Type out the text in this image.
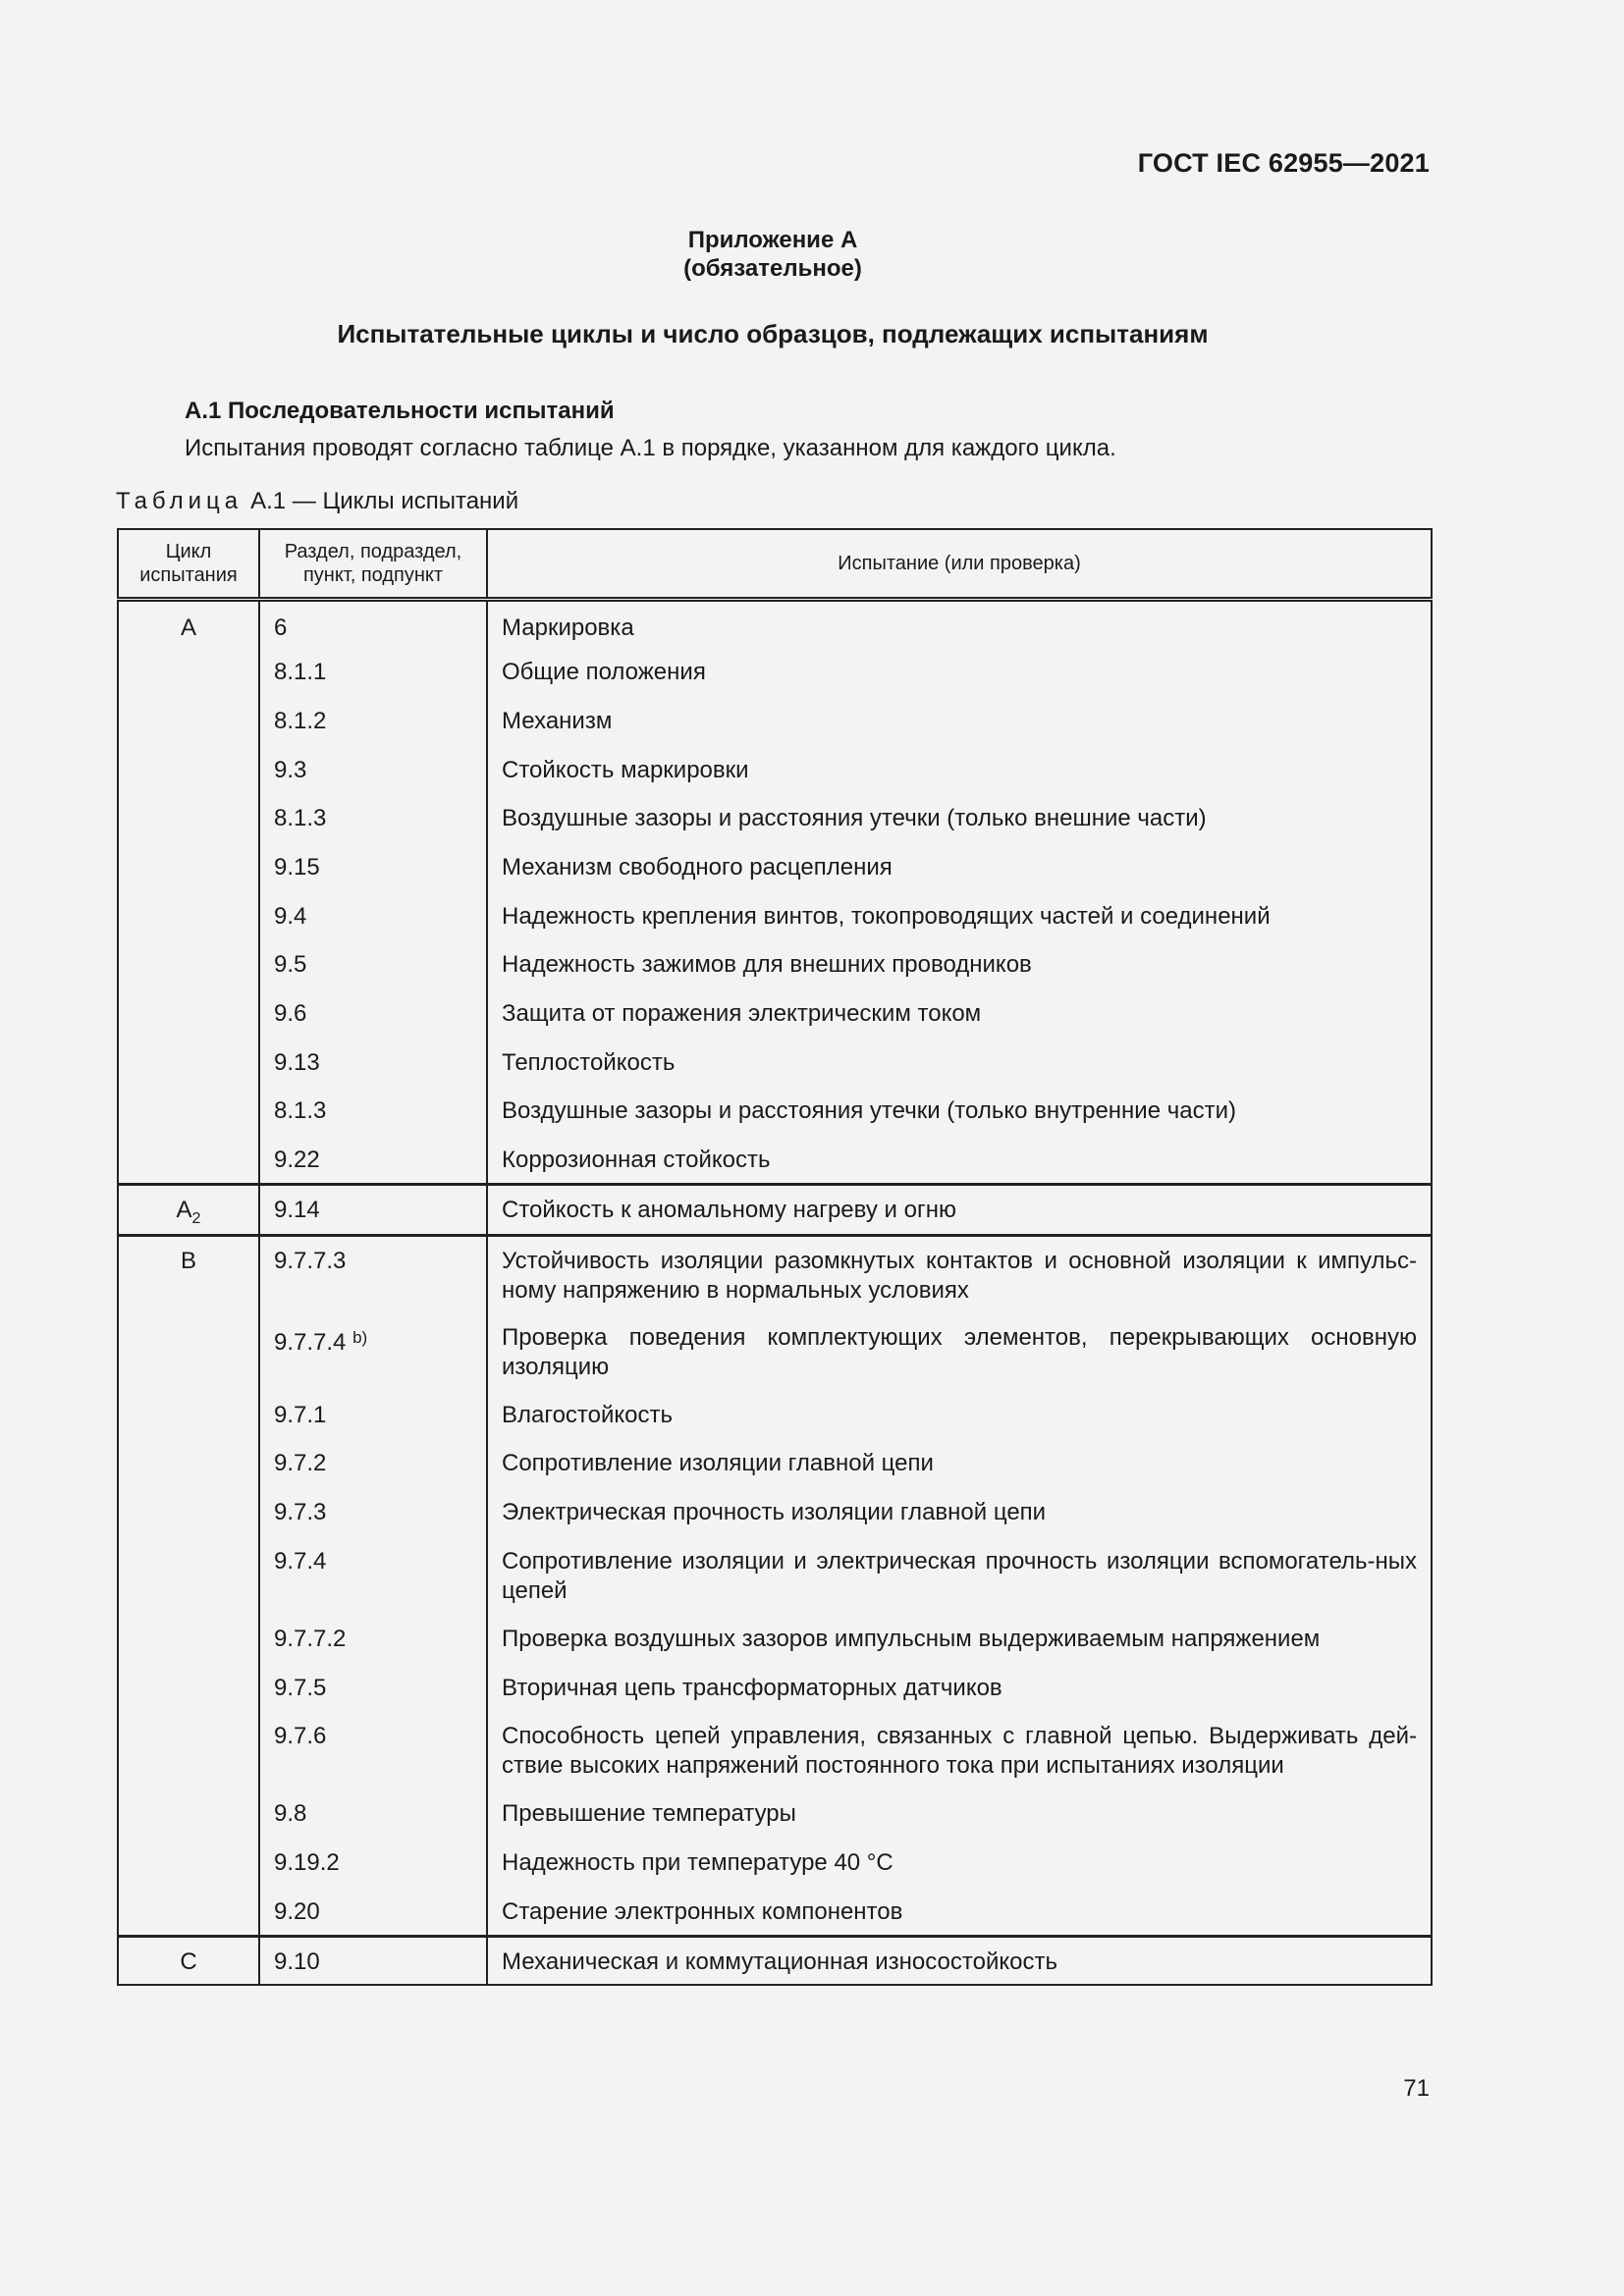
ГОСТ IEC 62955—2021
Приложение А
(обязательное)
Испытательные циклы и число образцов, подлежащих испытаниям
А.1 Последовательности испытаний
Испытания проводят согласно таблице А.1 в порядке, указанном для каждого цикла.
Таблица А.1 — Циклы испытаний
Цикл испытания	Раздел, подраздел, пункт, подпункт	Испытание (или проверка)
А	6	Маркировка
	8.1.1	Общие положения
	8.1.2	Механизм
	9.3	Стойкость маркировки
	8.1.3	Воздушные зазоры и расстояния утечки (только внешние части)
	9.15	Механизм свободного расцепления
	9.4	Надежность крепления винтов, токопроводящих частей и соединений
	9.5	Надежность зажимов для внешних проводников
	9.6	Защита от поражения электрическим током
	9.13	Теплостойкость
	8.1.3	Воздушные зазоры и расстояния утечки (только внутренние части)
	9.22	Коррозионная стойкость
$A_2$	9.14	Стойкость к аномальному нагреву и огню
В	9.7.7.3	Устойчивость изоляции разомкнутых контактов и основной изоляции к импульс-ному напряжению в нормальных условиях
	9.7.7.4 $^{b)}$	Проверка поведения комплектующих элементов, перекрывающих основную изоляцию
	9.7.1	Влагостойкость
	9.7.2	Сопротивление изоляции главной цепи
	9.7.3	Электрическая прочность изоляции главной цепи
	9.7.4	Сопротивление изоляции и электрическая прочность изоляции вспомогатель-ных цепей
	9.7.7.2	Проверка воздушных зазоров импульсным выдерживаемым напряжением
	9.7.5	Вторичная цепь трансформаторных датчиков
	9.7.6	Способность цепей управления, связанных с главной цепью. Выдерживать дей-ствие высоких напряжений постоянного тока при испытаниях изоляции
	9.8	Превышение температуры
	9.19.2	Надежность при температуре 40 °С
	9.20	Старение электронных компонентов
С	9.10	Механическая и коммутационная износостойкость
71
